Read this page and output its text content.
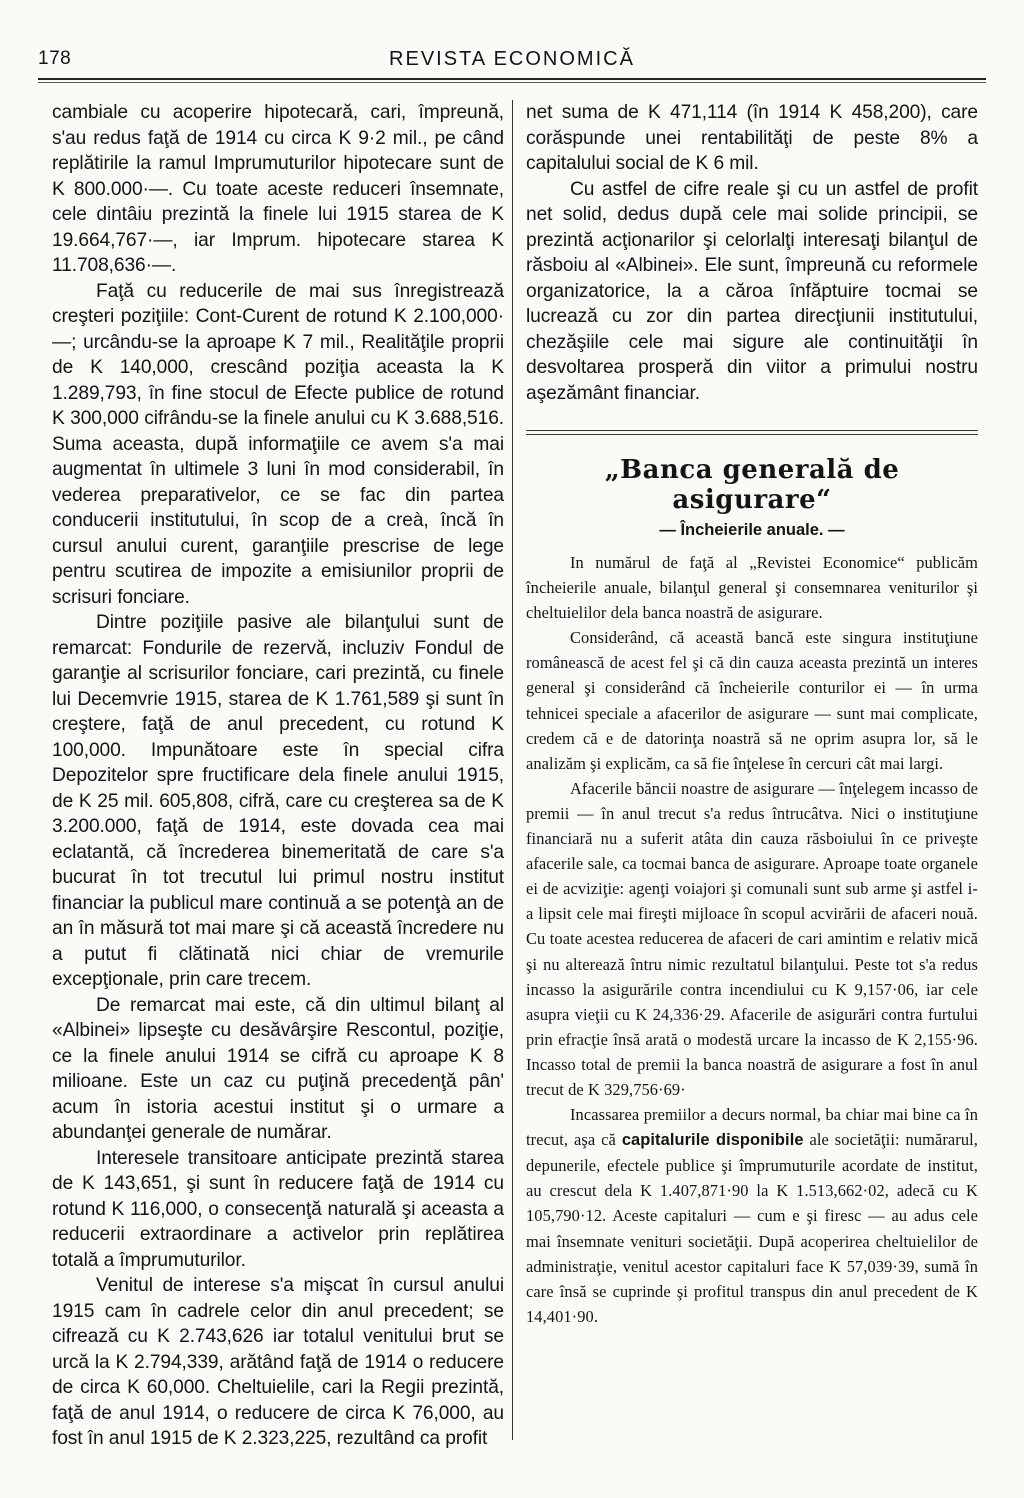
178	REVISTA ECONOMICĂ

cambiale cu acoperire hipotecară, cari, împreună, s'au redus faţă de 1914 cu circa K 9·2 mil., pe când replătirile la ramul Imprumuturilor hipotecare sunt de K 800.000·—. Cu toate aceste reduceri însemnate, cele dintâiu prezintă la finele lui 1915 starea de K 19.664,767·—, iar Imprum. hipotecare starea K 11.708,636·—.

Faţă cu reducerile de mai sus înregistrează creşteri poziţiile: Cont-Curent de rotund K 2.100,000·—; urcându-se la aproape K 7 mil., Realităţile proprii de K 140,000, crescând poziţia aceasta la K 1.289,793, în fine stocul de Efecte publice de rotund K 300,000 cifrându-se la finele anului cu K 3.688,516. Suma aceasta, după informaţiile ce avem s'a mai augmentat în ultimele 3 luni în mod considerabil, în vederea preparativelor, ce se fac din partea conducerii institutului, în scop de a creà, încă în cursul anului curent, garanţiile prescrise de lege pentru scutirea de impozite a emisiunilor proprii de scrisuri fonciare.

Dintre poziţiile pasive ale bilanţului sunt de remarcat: Fondurile de rezervă, incluziv Fondul de garanţie al scrisurilor fonciare, cari prezintă, cu finele lui Decemvrie 1915, starea de K 1.761,589 şi sunt în creştere, faţă de anul precedent, cu rotund K 100,000. Impunătoare este în special cifra Depozitelor spre fructificare dela finele anului 1915, de K 25 mil. 605,808, cifră, care cu creşterea sa de K 3.200.000, faţă de 1914, este dovada cea mai eclatantă, că încrederea binemeritată de care s'a bucurat în tot trecutul lui primul nostru institut financiar la publicul mare continuă a se potenţà an de an în măsură tot mai mare şi că această încredere nu a putut fi clătinată nici chiar de vremurile excepţionale, prin care trecem.

De remarcat mai este, că din ultimul bilanţ al «Albinei» lipseşte cu desăvârşire Rescontul, poziţie, ce la finele anului 1914 se cifră cu aproape K 8 milioane. Este un caz cu puţină precedenţă pân' acum în istoria acestui institut şi o urmare a abundanţei generale de numărar.

Interesele transitoare anticipate prezintă starea de K 143,651, şi sunt în reducere faţă de 1914 cu rotund K 116,000, o consecenţă naturală şi aceasta a reducerii extraordinare a activelor prin replătirea totală a împrumuturilor.

Venitul de interese s'a mişcat în cursul anului 1915 cam în cadrele celor din anul precedent; se cifrează cu K 2.743,626 iar totalul venitului brut se urcă la K 2.794,339, arătând faţă de 1914 o reducere de circa K 60,000. Cheltuielile, cari la Regii prezintă, faţă de anul 1914, o reducere de circa K 76,000, au fost în anul 1915 de K 2.323,225, rezultând ca profit

net suma de K 471,114 (în 1914 K 458,200), care corăspunde unei rentabilităţi de peste 8% a capitalului social de K 6 mil.

Cu astfel de cifre reale şi cu un astfel de profit net solid, dedus după cele mai solide principii, se prezintă acţionarilor şi celorlalţi interesaţi bilanţul de răsboiu al «Albinei». Ele sunt, împreună cu reformele organizatorice, la a căroa înfăptuire tocmai se lucrează cu zor din partea direcţiunii institutului, chezăşiile cele mai sigure ale continuităţii în desvoltarea prosperă din viitor a primului nostru aşezământ financiar.

„Banca generală de asigurare“
— Încheierile anuale. —

In numărul de faţă al „Revistei Economice“ publicăm încheierile anuale, bilanţul general şi consemnarea veniturilor şi cheltuielilor dela banca noastră de asigurare.

Considerând, că această bancă este singura instituţiune românească de acest fel şi că din cauza aceasta prezintă un interes general şi considerând că încheierile conturilor ei — în urma tehnicei speciale a afacerilor de asigurare — sunt mai complicate, credem că e de datorinţa noastră să ne oprim asupra lor, să le analizăm şi explicăm, ca să fie înţelese în cercuri cât mai largi.

Afacerile băncii noastre de asigurare — înţelegem incasso de premii — în anul trecut s'a redus întrucâtva. Nici o instituţiune financiară nu a suferit atâta din cauza răsboiului în ce priveşte afacerile sale, ca tocmai banca de asigurare. Aproape toate organele ei de acviziţie: agenţi voiajori şi comunali sunt sub arme şi astfel i-a lipsit cele mai fireşti mijloace în scopul acvirării de afaceri nouă. Cu toate acestea reducerea de afaceri de cari amintim e relativ mică şi nu alterează întru nimic rezultatul bilanţului. Peste tot s'a redus incasso la asigurările contra incendiului cu K 9,157·06, iar cele asupra vieţii cu K 24,336·29. Afacerile de asigurări contra furtului prin efracţie însă arată o modestă urcare la incasso de K 2,155·96. Incasso total de premii la banca noastră de asigurare a fost în anul trecut de K 329,756·69·

Incassarea premiilor a decurs normal, ba chiar mai bine ca în trecut, aşa că capitalurile disponibile ale societăţii: numărarul, depunerile, efectele publice şi împrumuturile acordate de institut, au crescut dela K 1.407,871·90 la K 1.513,662·02, adecă cu K 105,790·12. Aceste capitaluri — cum e şi firesc — au adus cele mai însemnate venituri societăţii. După acoperirea cheltuielilor de administraţie, venitul acestor capitaluri face K 57,039·39, sumă în care însă se cuprinde şi profitul transpus din anul precedent de K 14,401·90.
